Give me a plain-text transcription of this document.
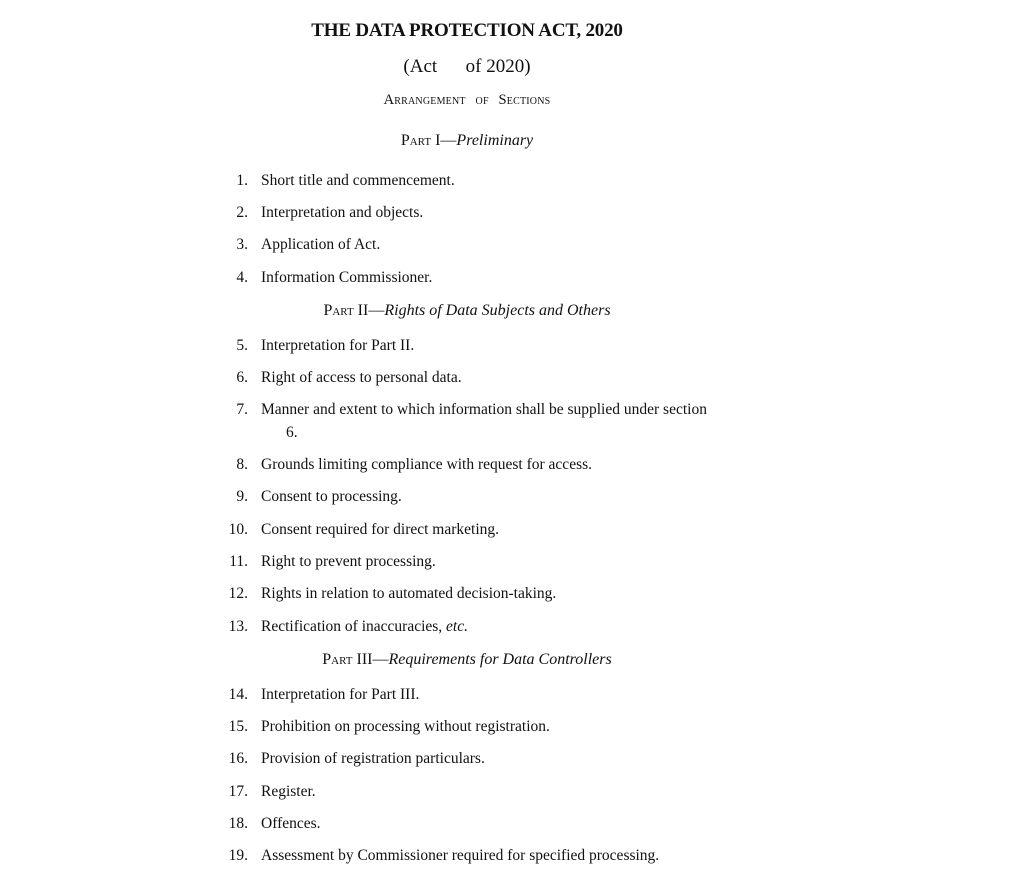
THE DATA PROTECTION ACT, 2020
(Act      of 2020)
Arrangement of Sections
Part I—Preliminary
1. Short title and commencement.
2. Interpretation and objects.
3. Application of Act.
4. Information Commissioner.
Part II—Rights of Data Subjects and Others
5. Interpretation for Part II.
6. Right of access to personal data.
7. Manner and extent to which information shall be supplied under section
6.
8. Grounds limiting compliance with request for access.
9. Consent to processing.
10. Consent required for direct marketing.
11. Right to prevent processing.
12. Rights in relation to automated decision-taking.
13. Rectification of inaccuracies, etc.
Part III—Requirements for Data Controllers
14. Interpretation for Part III.
15. Prohibition on processing without registration.
16. Provision of registration particulars.
17. Register.
18. Offences.
19. Assessment by Commissioner required for specified processing.
